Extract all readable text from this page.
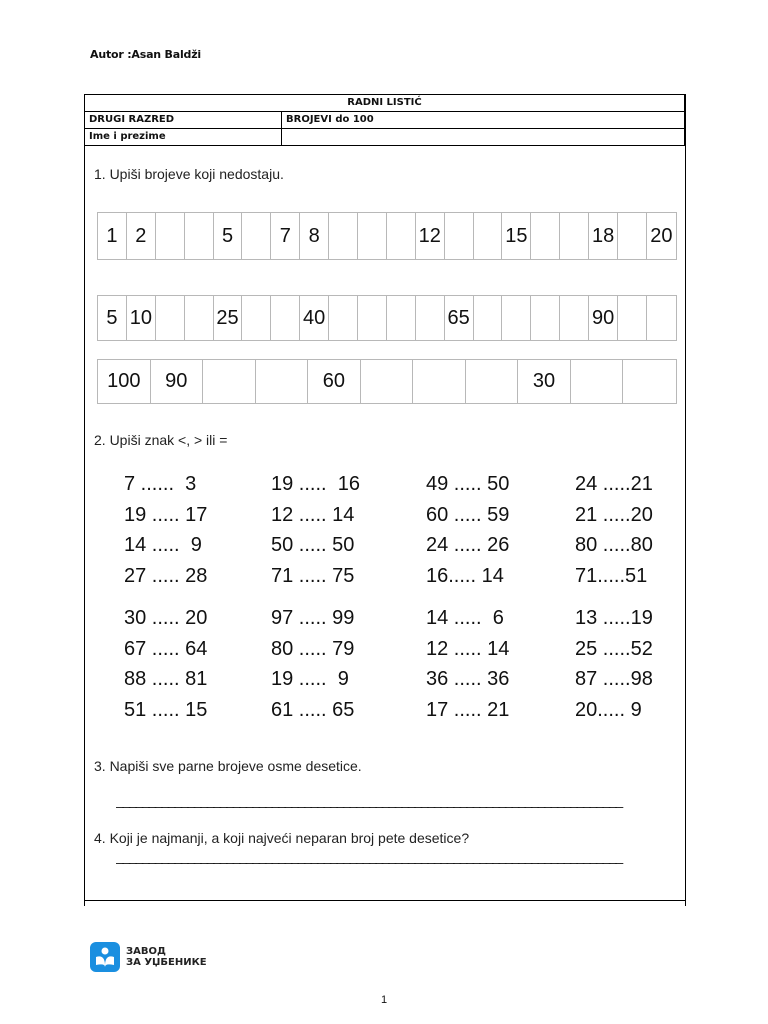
Autor :Asan Baldži
RADNI LISTIĆ	
DRUGI RAZRED	BROJEVI do 100
Ime i prezime	
1. Upiši brojeve koji nedostaju.
1 2	5	7 8	12	15	18 20
5 10	25	40	65	90
100	90	60	30
2. Upiši znak <, > ili =
7 ......  3	19 .....  16	49 ..... 50	24 .....21
19 ..... 17	12 ..... 14	60 ..... 59	21 .....20
14 .....  9	50 ..... 50	24 ..... 26	80 .....80
27 ..... 28	71 ..... 75	16..... 14	71.....51
30 ..... 20	97 ..... 99	14 .....  6	13 .....19
67 ..... 64	80 ..... 79	12 ..... 14	25 .....52
88 ..... 81	19 .....  9	36 ..... 36	87 .....98
51 ..... 15	61 ..... 65	17 ..... 21	20..... 9
3. Napiši sve parne brojeve osme desetice.
______________________________________________________________________________
4. Koji je najmanji, a koji najveći neparan broj pete desetice?
______________________________________________________________________________
ЗАВОД
ЗА УЏБЕНИКЕ
1
